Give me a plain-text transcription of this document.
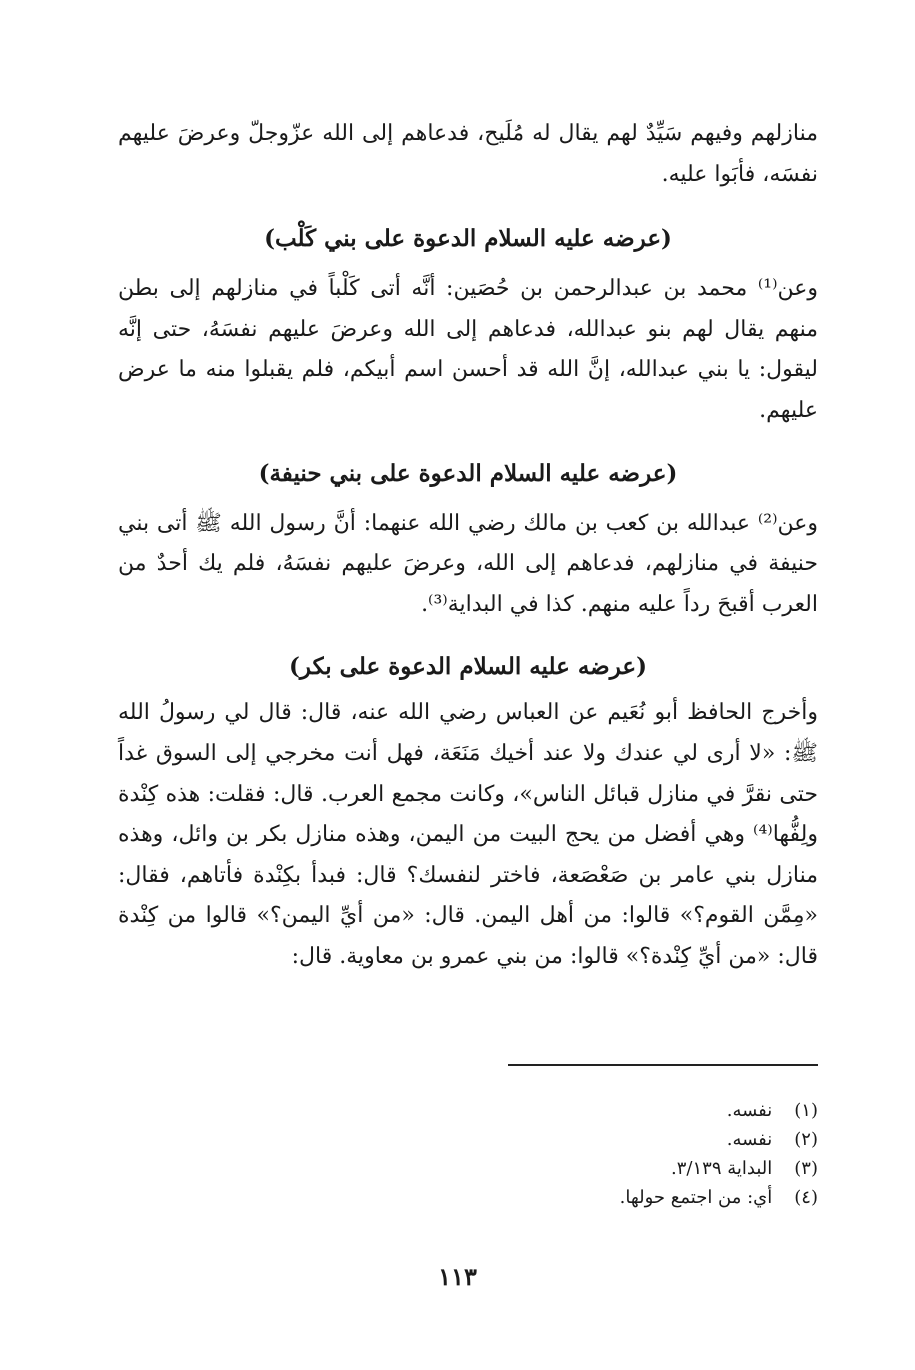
منازلهم وفيهم سَيِّدٌ لهم يقال له مُلَيح، فدعاهم إلى الله عزّوجلّ وعرضَ عليهم نفسَه، فأبَوا عليه.

(عرضه عليه السلام الدعوة على بني كَلْب)

وعن⁽¹⁾ محمد بن عبدالرحمن بن حُصَين: أنَّه أتى كَلْباً في منازلهم إلى بطن منهم يقال لهم بنو عبدالله، فدعاهم إلى الله وعرضَ عليهم نفسَهُ، حتى إنَّه ليقول: يا بني عبدالله، إنَّ الله قد أحسن اسم أبيكم، فلم يقبلوا منه ما عرض عليهم.

(عرضه عليه السلام الدعوة على بني حنيفة)

وعن⁽²⁾ عبدالله بن كعب بن مالك رضي الله عنهما: أنَّ رسول الله ﷺ أتى بني حنيفة في منازلهم، فدعاهم إلى الله، وعرضَ عليهم نفسَهُ، فلم يك أحدٌ من العرب أقبحَ رداً عليه منهم. كذا في البداية⁽³⁾.

(عرضه عليه السلام الدعوة على بكر)

وأخرج الحافظ أبو نُعَيم عن العباس رضي الله عنه، قال: قال لي رسولُ الله ﷺ: «لا أرى لي عندك ولا عند أخيك مَنَعَة، فهل أنت مخرجي إلى السوق غداً حتى نقرَّ في منازل قبائل الناس»، وكانت مجمع العرب. قال: فقلت: هذه كِنْدة ولِفُّها⁽⁴⁾ وهي أفضل من يحج البيت من اليمن، وهذه منازل بكر بن وائل، وهذه منازل بني عامر بن صَعْصَعة، فاختر لنفسك؟ قال: فبدأ بكِنْدة فأتاهم، فقال: «مِمَّن القوم؟» قالوا: من أهل اليمن. قال: «من أيِّ اليمن؟» قالوا من كِنْدة قال: «من أيِّ كِنْدة؟» قالوا: من بني عمرو بن معاوية. قال:

(١) نفسه.
(٢) نفسه.
(٣) البداية ٣/١٣٩.
(٤) أي: من اجتمع حولها.
١١٣
